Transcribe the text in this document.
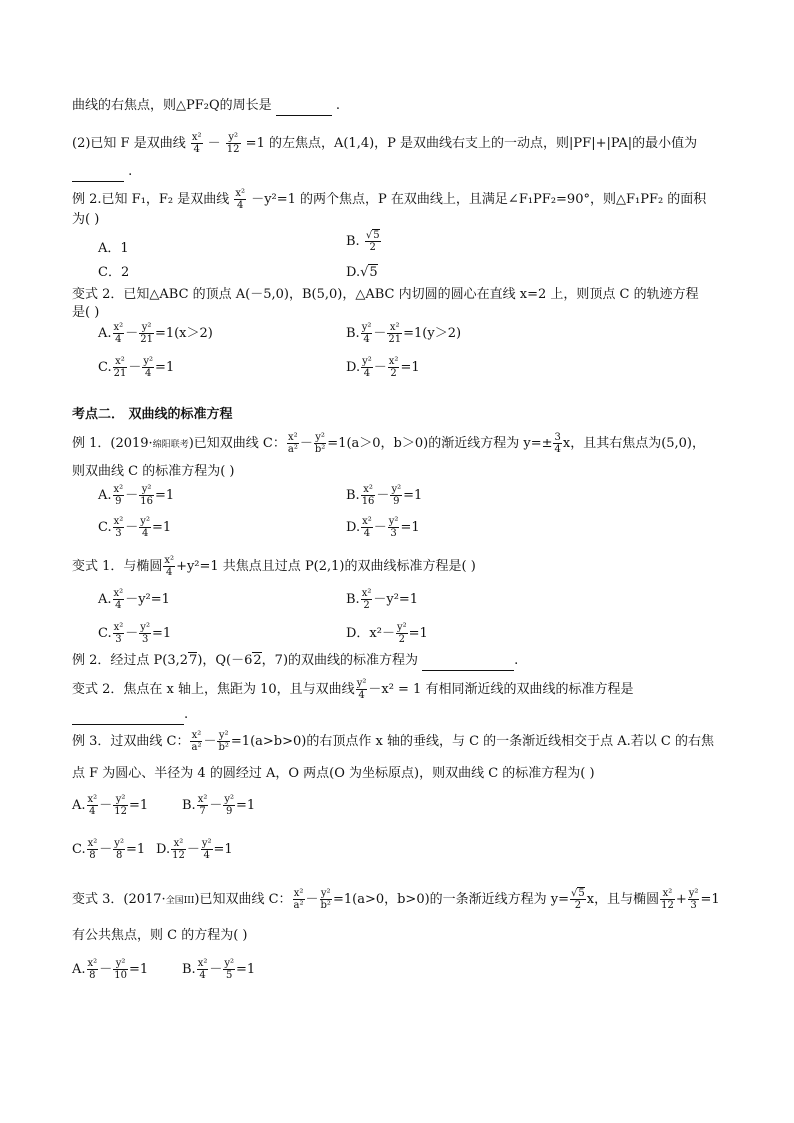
曲线的右焦点，则△PF₂Q的周长是	.
(2)已知 F 是双曲线 $\frac{\text{x²}}{4} - \frac{\text{y²}}{12} =1$ 的左焦点，A(1,4)，P 是双曲线右支上的一动点，则|PF|+|PA|的最小值为
.
例 2.已知 F₁，F₂ 是双曲线 $\frac{\text{x²}}{4} -y^2=1$ 的两个焦点，P 在双曲线上，且满足∠F₁PF₂=90°，则△F₁PF₂ 的面积
为( )
A．1	B. $\frac{√5}{2}$
C．2	D.√5
变式 2．已知△ABC 的顶点 A(－5,0)，B(5,0)，△ABC 内切圆的圆心在直线 x=2 上，则顶点 C 的轨迹方程
是( )
A. $\frac{\text{x²}}{4} - \frac{\text{y²}}{21} =1(x>2)$	B. $\frac{\text{y²}}{4} - \frac{\text{x²}}{21} =1(y>2)$
C. $\frac{\text{x²}}{21} - \frac{\text{y²}}{4} =1$	D. $\frac{\text{y²}}{4} - \frac{\text{x²}}{2} =1$
考点二． 双曲线的标准方程
例 1．(2019·绵阳联考)已知双曲线 C： $\frac{\text{x²}}{\text{a²}} - \frac{\text{y²}}{\text{b²}} =1(a>0$，b＞0)的渐近线方程为 $y=\pm \frac{3}{4}$ x，且其右焦点为(5,0)，
则双曲线 C 的标准方程为( )
A. $\frac{\text{x²}}{9} - \frac{\text{y²}}{16} =1$	B. $\frac{\text{x²}}{16} - \frac{\text{y²}}{9} =1$
C. $\frac{\text{x²}}{3} - \frac{\text{y²}}{4} =1$	D. $\frac{\text{x²}}{4} - \frac{\text{y²}}{3} =1$
变式 1．与椭圆 $\frac{\text{x²}}{4} +y^2=1$ 共焦点且过点 P(2,1)的双曲线标准方程是( )
A. $\frac{\text{x²}}{4} -y^2=1$	B. $\frac{\text{x²}}{2} -y^2=1$
C. $\frac{\text{x²}}{3} - \frac{\text{y²}}{3} =1$	D．$x^2- \frac{\text{y²}}{2} =1$
例 2．经过点 P(3,27)，Q(－62，7)的双曲线的标准方程为	.
变式 2．焦点在 x 轴上，焦距为 10，且与双曲线 $\frac{\text{y²}}{4} -x^2 = 1$ 有相同渐近线的双曲线的标准方程是
.
例 3．过双曲线 C： $\frac{\text{x²}}{\text{a²}} - \frac{\text{y²}}{\text{b²}} =1(a>b>0)$的右顶点作 x 轴的垂线，与 C 的一条渐近线相交于点 A.若以 C 的右焦
点 F 为圆心、半径为 4 的圆经过 A，O 两点(O 为坐标原点)，则双曲线 C 的标准方程为( )
A. $\frac{\text{x²}}{4} - \frac{\text{y²}}{12} =1$	B. $\frac{\text{x²}}{7} - \frac{\text{y²}}{9} =1$
C. $\frac{\text{x²}}{8} - \frac{\text{y²}}{8} =1$ D. $\frac{\text{x²}}{12} - \frac{\text{y²}}{4} =1$
变式 3．(2017·全国III)已知双曲线 C： $\frac{\text{x²}}{\text{a²}} - \frac{\text{y²}}{\text{b²}} =1(a>0$，b>0)的一条渐近线方程为 $y= \frac{√5}{2}$ x，且与椭圆 $\frac{\text{x²}}{12} + \frac{\text{y²}}{3} =1$
有公共焦点，则 C 的方程为( )
A. $\frac{\text{x²}}{8} - \frac{\text{y²}}{10} =1$	B. $\frac{\text{x²}}{4} - \frac{\text{y²}}{5} =1$
